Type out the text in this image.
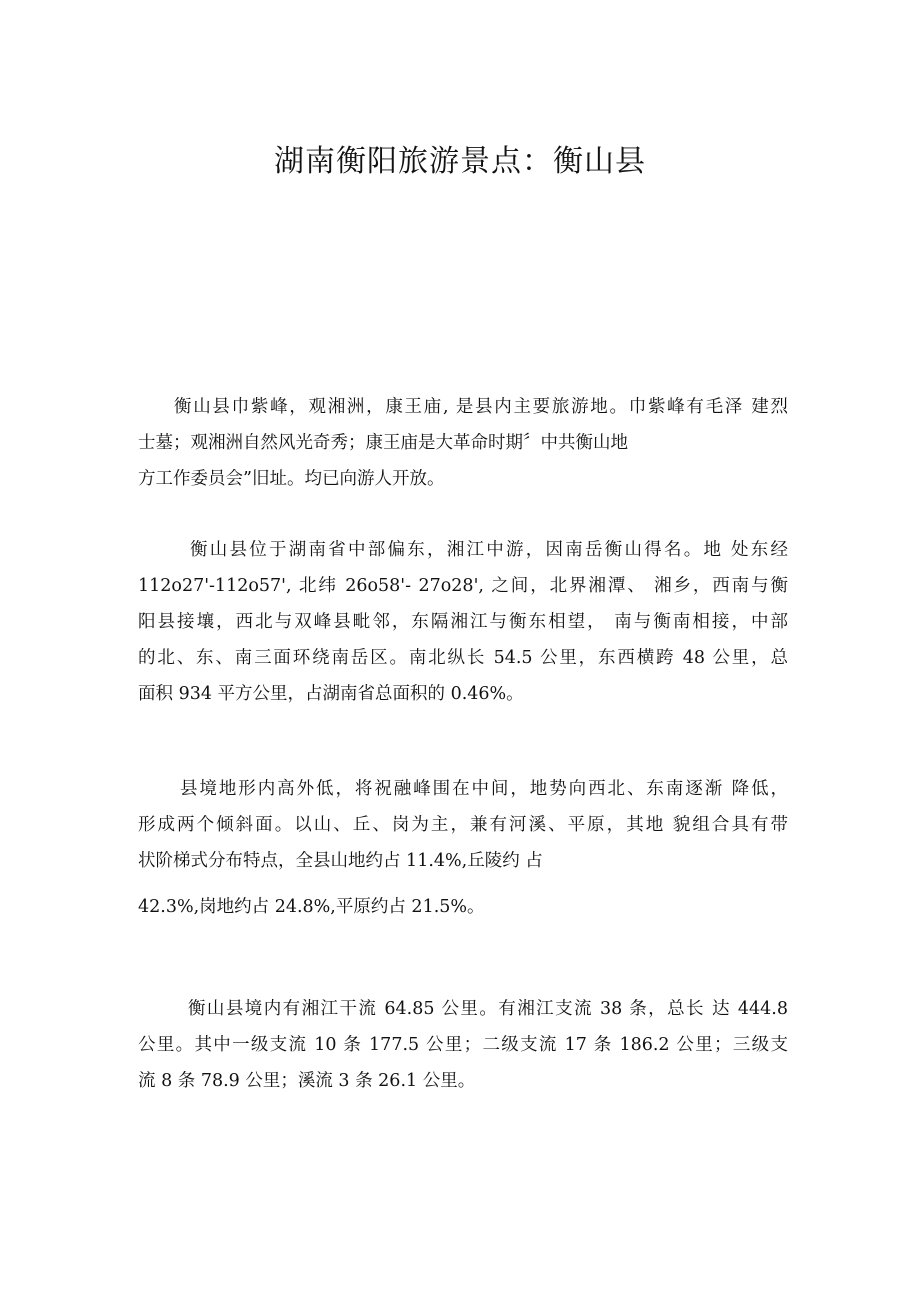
湖南衡阳旅游景点：衡山县
衡山县巾紫峰，观湘洲，康王庙, 是县内主要旅游地。巾紫峰有毛泽 建烈
士墓；观湘洲自然风光奇秀；康王庙是大革命时期〞中共衡山地
方工作委员会”旧址。均已向游人开放。
衡山县位于湖南省中部偏东，湘江中游，因南岳衡山得名。地 处东经
112o27'-112o57', 北纬 26o58'- 27o28', 之间，北界湘潭、 湘乡，西南与衡
阳县接壤，西北与双峰县毗邻，东隔湘江与衡东相望， 南与衡南相接，中部
的北、东、南三面环绕南岳区。南北纵长 54.5 公里，东西横跨 48 公里，总
面积 934 平方公里，占湖南省总面积的 0.46%。
县境地形内高外低，将祝融峰围在中间，地势向西北、东南逐渐 降低，
形成两个倾斜面。以山、丘、岗为主，兼有河溪、平原，其地 貌组合具有带
状阶梯式分布特点，全县山地约占 11.4%,丘陵约 占
42.3%,岗地约占 24.8%,平原约占 21.5%。
衡山县境内有湘江干流 64.85 公里。有湘江支流 38 条，总长 达 444.8
公里。其中一级支流 10 条 177.5 公里；二级支流 17 条 186.2 公里；三级支
流 8 条 78.9 公里；溪流 3 条 26.1 公里。
